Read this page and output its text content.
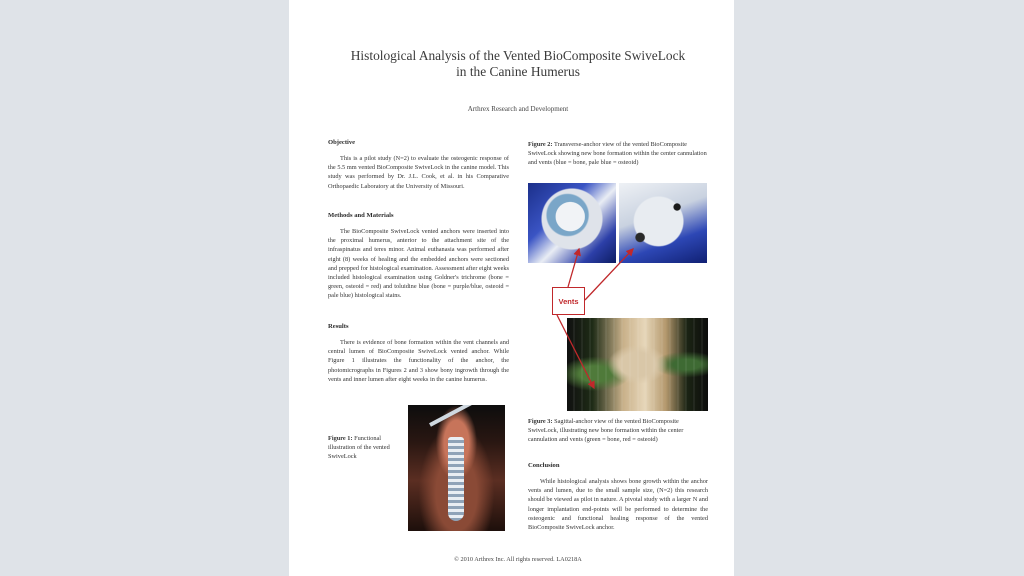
Histological Analysis of the Vented BioComposite SwiveLock
in the Canine Humerus
Arthrex Research and Development
Objective

This is a pilot study (N=2) to evaluate the osteogenic response of the 5.5 mm vented BioComposite SwiveLock in the canine model. This study was performed by Dr. J.L. Cook, et al. in his Comparative Orthopaedic Laboratory at the University of Missouri.

Methods and Materials

The BioComposite SwiveLock vented anchors were inserted into the proximal humerus, anterior to the attachment site of the infraspinatus and teres minor. Animal euthanasia was performed after eight (8) weeks of healing and the embedded anchors were sectioned and prepped for histological examination. Assessment after eight weeks included histological examination using Goldner's trichrome (bone = green, osteoid = red) and toluidine blue (bone = purple/blue, osteoid = pale blue) histological stains.

Results

There is evidence of bone formation within the vent channels and central lumen of BioComposite SwiveLock vented anchor. While Figure 1 illustrates the functionality of the anchor, the photomicrographs in Figures 2 and 3 show bony ingrowth through the vents and inner lumen after eight weeks in the canine humerus.

Figure 1: Functional illustration of the vented SwiveLock
Figure 2: Transverse-anchor view of the vented BioComposite SwiveLock showing new bone formation within the center cannulation and vents (blue = bone, pale blue = osteoid)
Vents
Figure 3: Sagittal-anchor view of the vented BioComposite SwiveLock, illustrating new bone formation within the center cannulation and vents (green = bone, red = osteoid)
Conclusion

While histological analysis shows bone growth within the anchor vents and lumen, due to the small sample size, (N=2) this research should be viewed as pilot in nature. A pivotal study with a larger N and longer implantation end-points will be performed to determine the osteogenic and functional healing response of the vented BioComposite SwiveLock anchor.

© 2010 Arthrex Inc. All rights reserved. LA0218A
